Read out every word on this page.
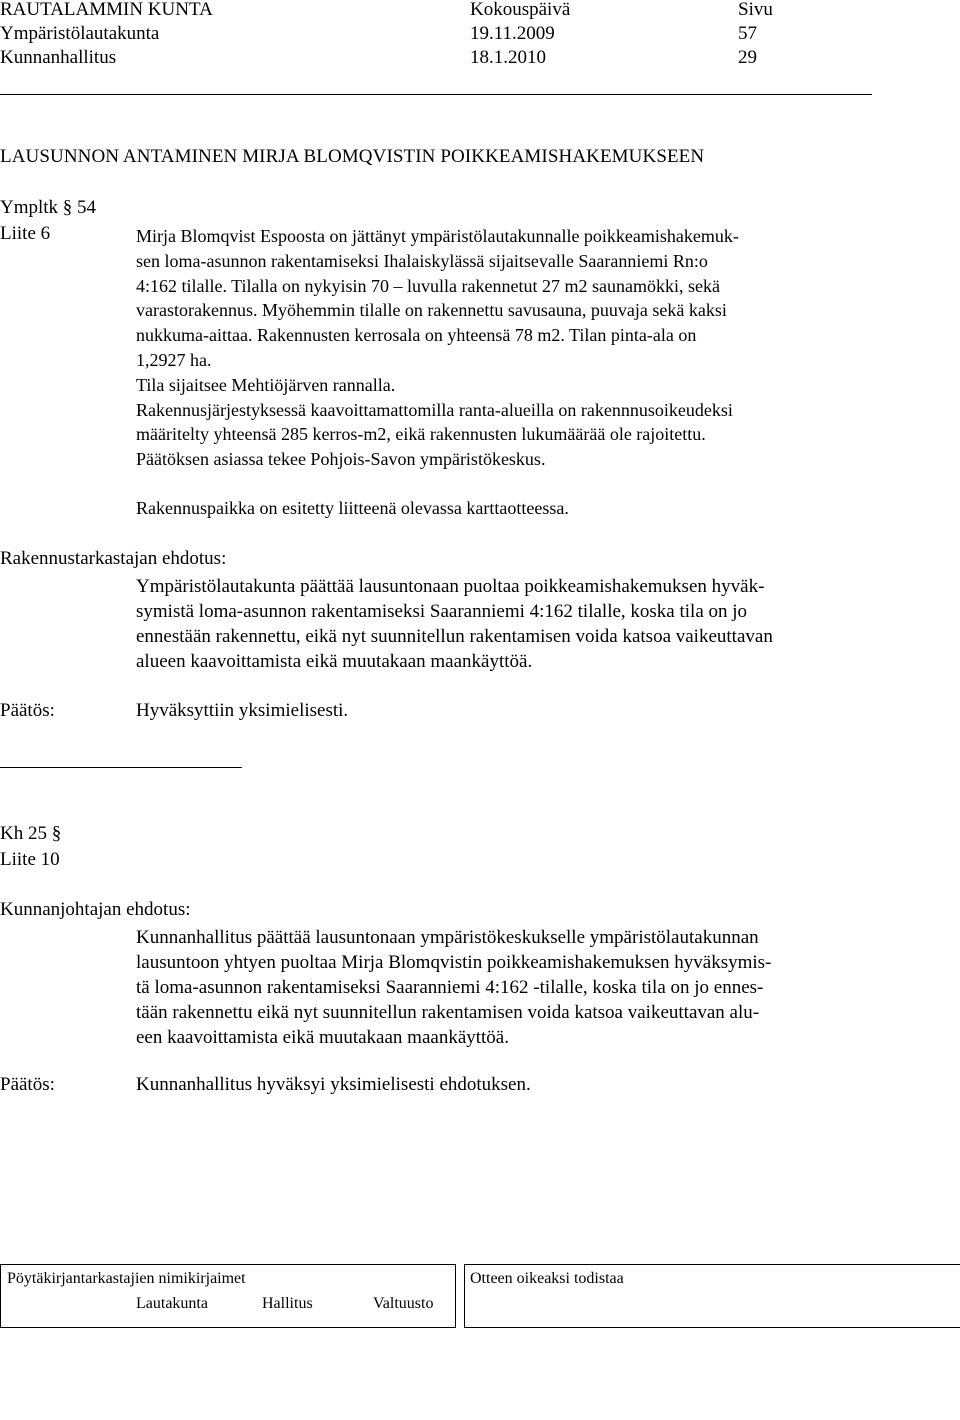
RAUTALAMMIN KUNTA	Kokouspäivä	Sivu
Ympäristölautakunta	19.11.2009	57
Kunnanhallitus	18.1.2010	29
LAUSUNNON ANTAMINEN MIRJA BLOMQVISTIN POIKKEAMISHAKEMUKSEEN
Ympltk § 54
Liite 6	Mirja Blomqvist Espoosta on jättänyt ympäristölautakunnalle poikkeamishakemuk-
sen loma-asunnon rakentamiseksi Ihalaiskylässä sijaitsevalle Saaranniemi Rn:o
4:162 tilalle. Tilalla on nykyisin 70 – luvulla rakennetut 27 m2 saunamökki, sekä
varastorakennus. Myöhemmin tilalle on rakennettu savusauna, puuvaja sekä kaksi
nukkuma-aittaa. Rakennusten kerrosala on yhteensä 78 m2. Tilan pinta-ala on
1,2927 ha.
Tila sijaitsee Mehtiöjärven rannalla.
Rakennusjärjestyksessä kaavoittamattomilla ranta-alueilla on rakennnusoikeudeksi
määritelty yhteensä 285 kerros-m2, eikä rakennusten lukumäärää ole rajoitettu.
Päätöksen asiassa tekee Pohjois-Savon ympäristökeskus.
Rakennuspaikka on esitetty liitteenä olevassa karttaotteessa.
Rakennustarkastajan ehdotus:
Ympäristölautakunta päättää lausuntonaan puoltaa poikkeamishakemuksen hyväk-
symistä loma-asunnon rakentamiseksi Saaranniemi 4:162 tilalle, koska tila on jo
ennestään rakennettu, eikä nyt suunnitellun rakentamisen voida katsoa vaikeuttavan
alueen kaavoittamista eikä muutakaan maankäyttöä.
Päätös:	Hyväksyttiin yksimielisesti.
Kh 25 §
Liite 10
Kunnanjohtajan ehdotus:
Kunnanhallitus päättää lausuntonaan ympäristökeskukselle ympäristölautakunnan
lausuntoon yhtyen puoltaa Mirja Blomqvistin poikkeamishakemuksen hyväksymis-
tä loma-asunnon rakentamiseksi Saaranniemi 4:162 -tilalle, koska tila on jo ennes-
tään rakennettu eikä nyt suunnitellun rakentamisen voida katsoa vaikeuttavan alu-
een kaavoittamista eikä muutakaan maankäyttöä.
Päätös:	Kunnanhallitus hyväksyi yksimielisesti ehdotuksen.
Pöytäkirjantarkastajien nimikirjaimet
Lautakunta	Hallitus	Valtuusto
Otteen oikeaksi todistaa
